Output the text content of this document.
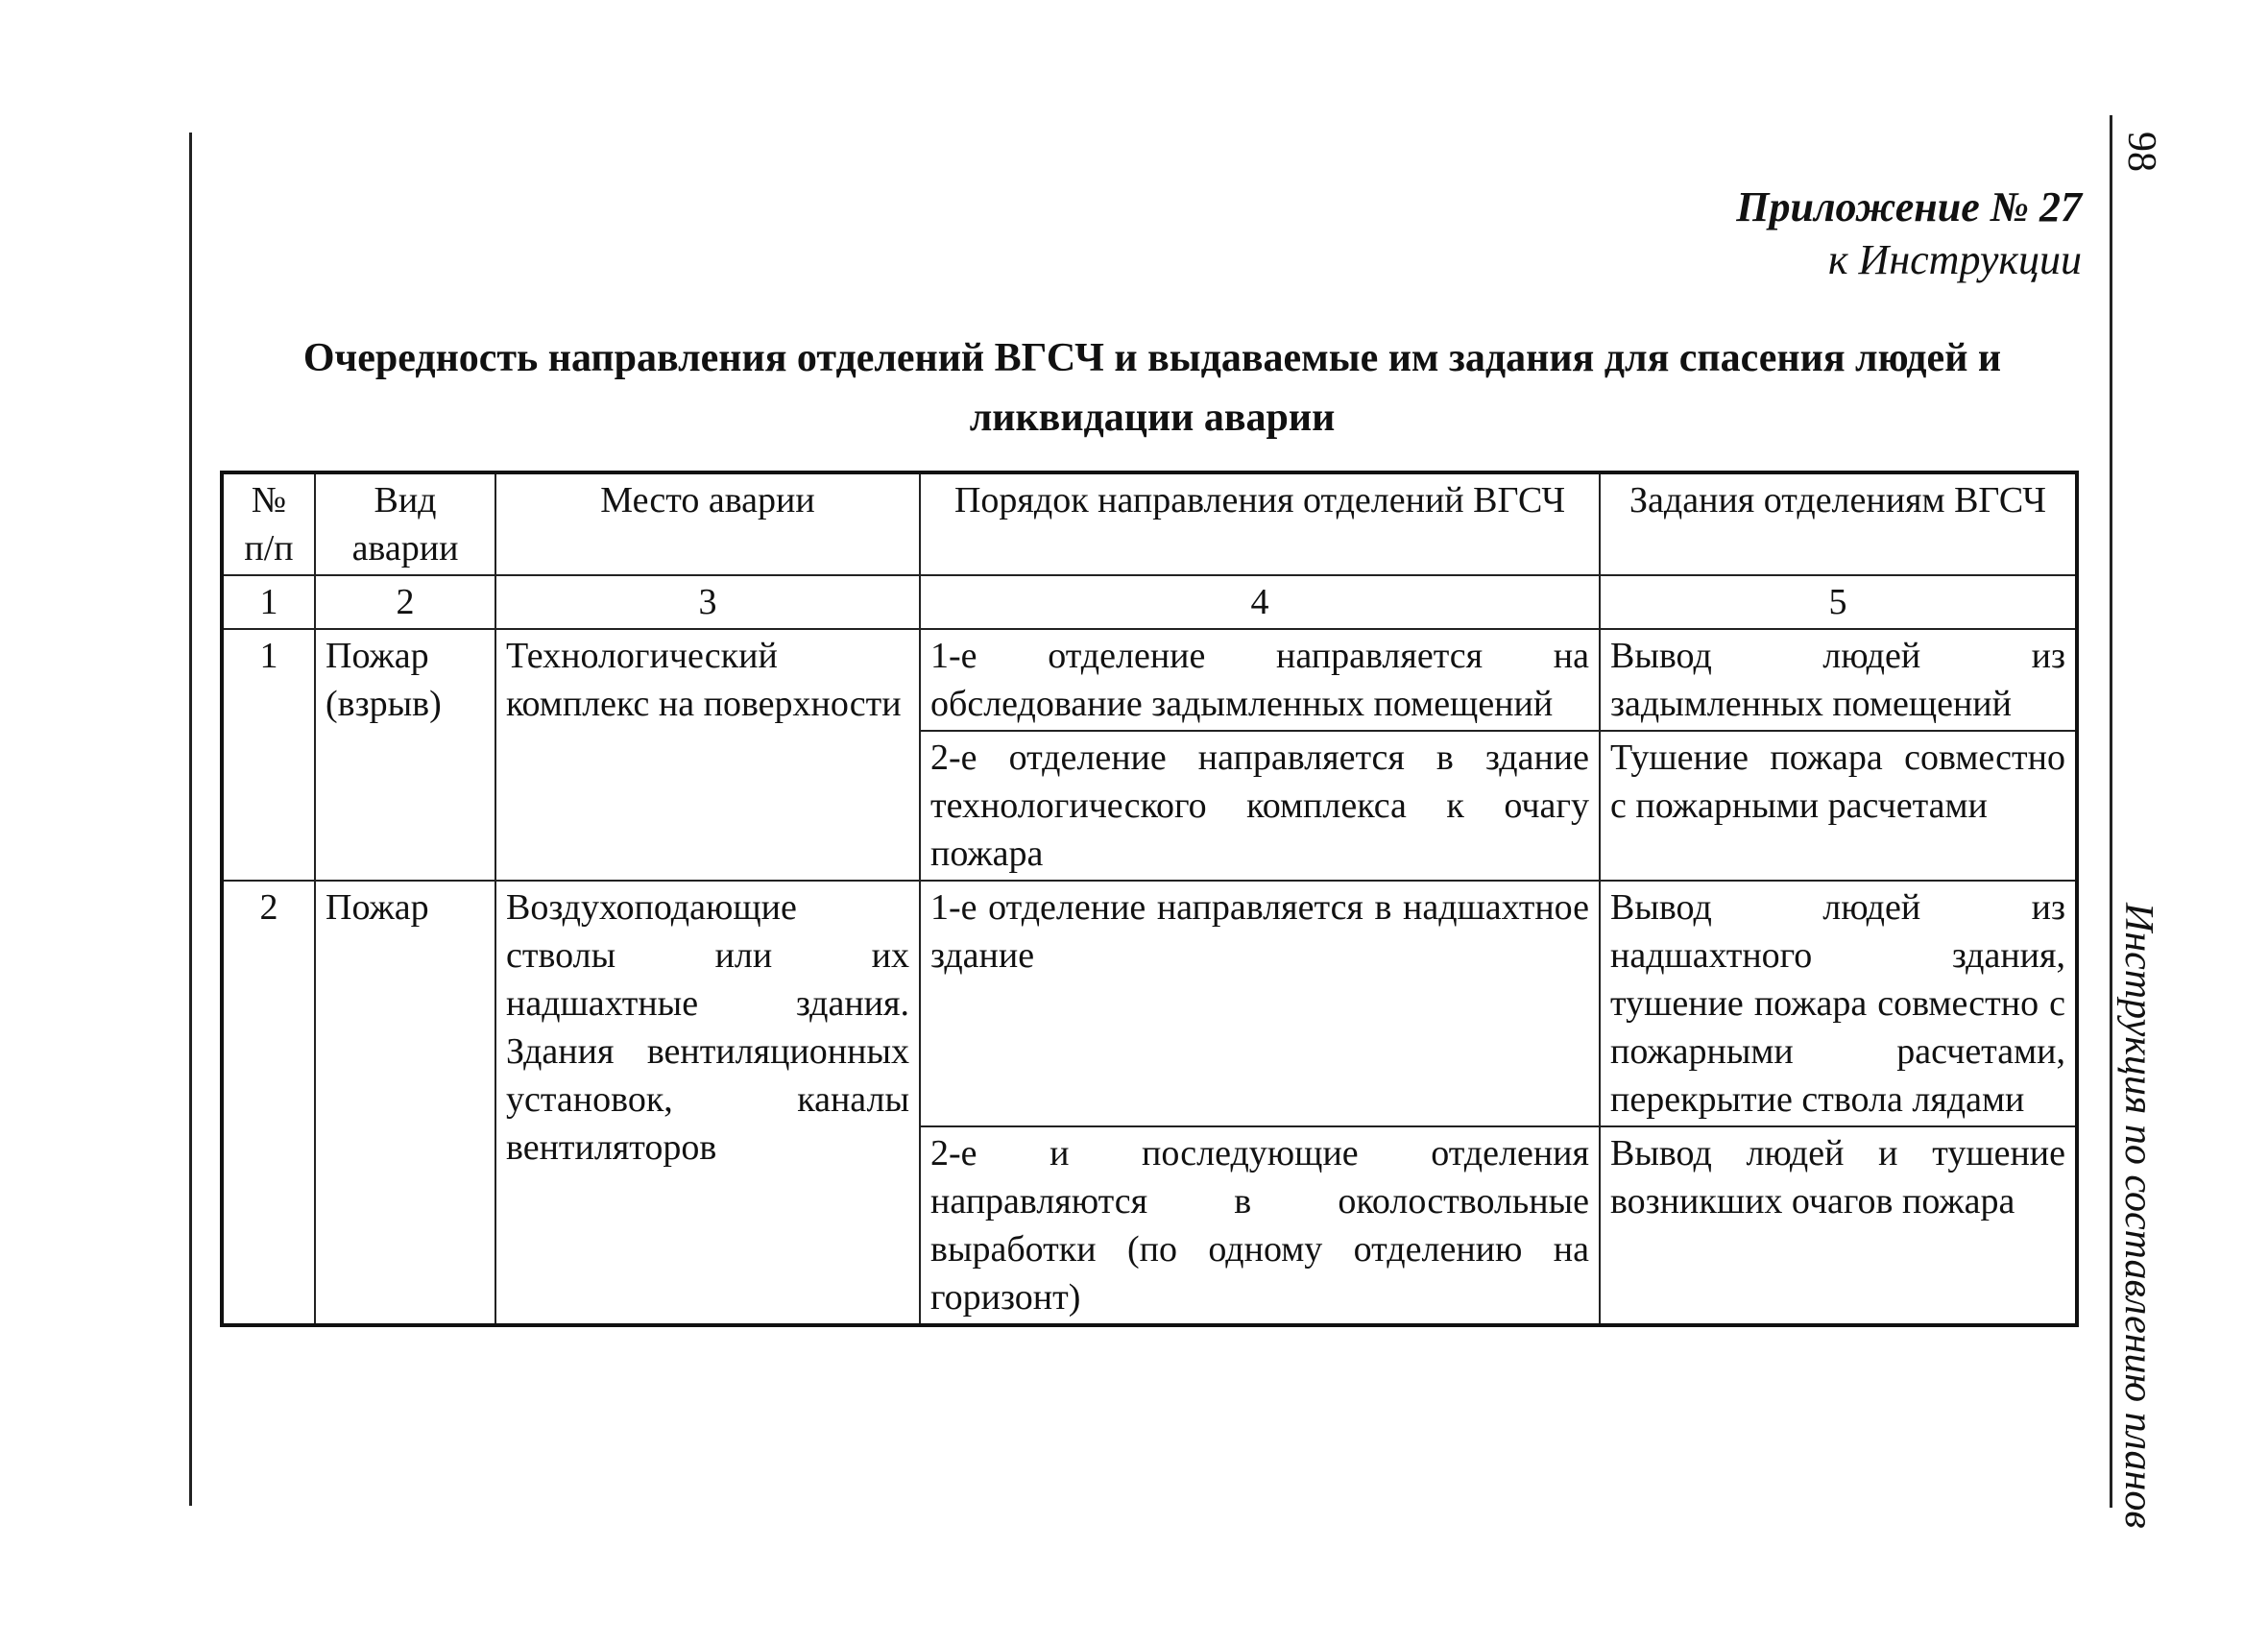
98
Инструкция по составлению планов
Приложение № 27
к Инструкции
Очередность направления отделений ВГСЧ и выдаваемые им задания для спасения людей и ликвидации аварии
№ п/п	Вид аварии	Место аварии	Порядок направления отделений ВГСЧ	Задания отделениям ВГСЧ
1	2	3	4	5
1	Пожар (взрыв)	Технологический комплекс на поверхности	1-е отделение направляется на обследование задымленных помещений	Вывод людей из задымленных помещений
			2-е отделение направляется в здание технологического комплекса к очагу пожара	Тушение пожара совместно с пожарными расчетами
2	Пожар	Воздухоподающие стволы или их надшахтные здания. Здания вентиляционных установок, каналы вентиляторов	1-е отделение направляется в надшахтное здание	Вывод людей из надшахтного здания, тушение пожара совместно с пожарными расчетами, перекрытие ствола лядами
			2-е и последующие отделения направляются в околоствольные выработки (по одному отделению на горизонт)	Вывод людей и тушение возникших очагов пожара
